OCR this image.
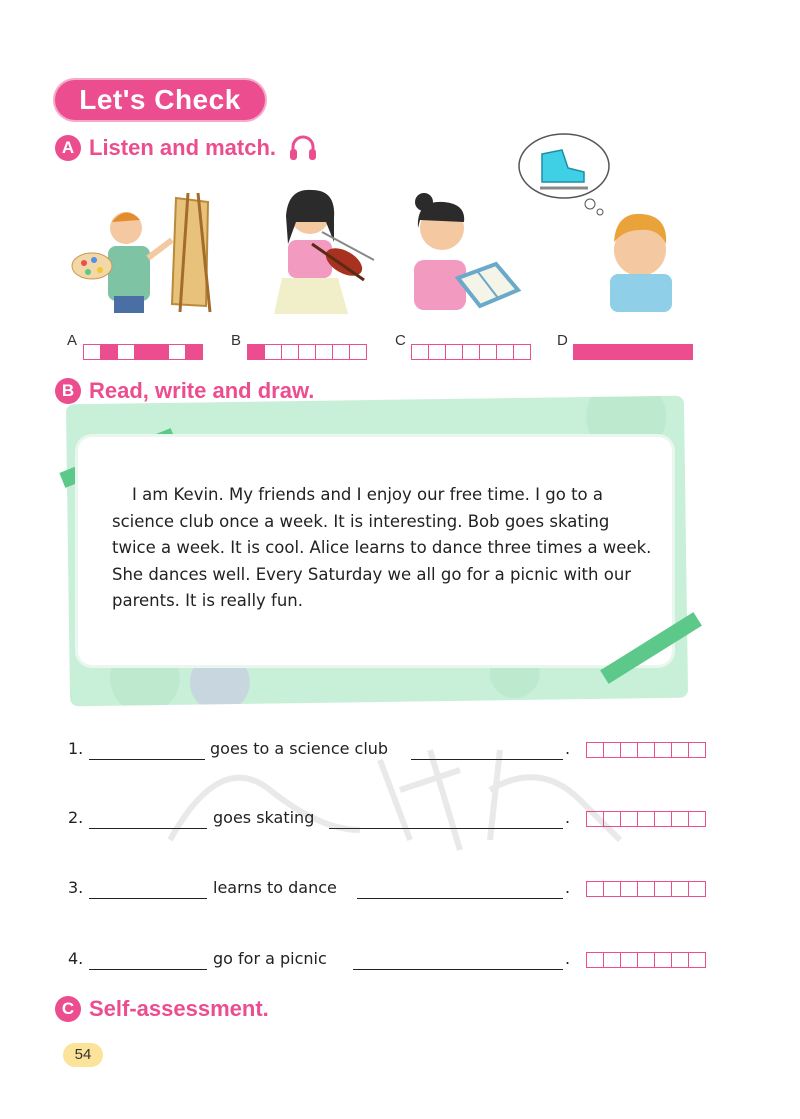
Let's Check
A Listen and match.
A	B	C	D
B Read, write and draw.
I am Kevin. My friends and I enjoy our free time. I go to a science club once a week. It is interesting. Bob goes skating twice a week. It is cool. Alice learns to dance three times a week. She dances well. Every Saturday we all go for a picnic with our parents. It is really fun.
1.	goes to a science club	.
2.	goes skating	.
3.	learns to dance	.
4.	go for a picnic	.
C Self-assessment.
54
